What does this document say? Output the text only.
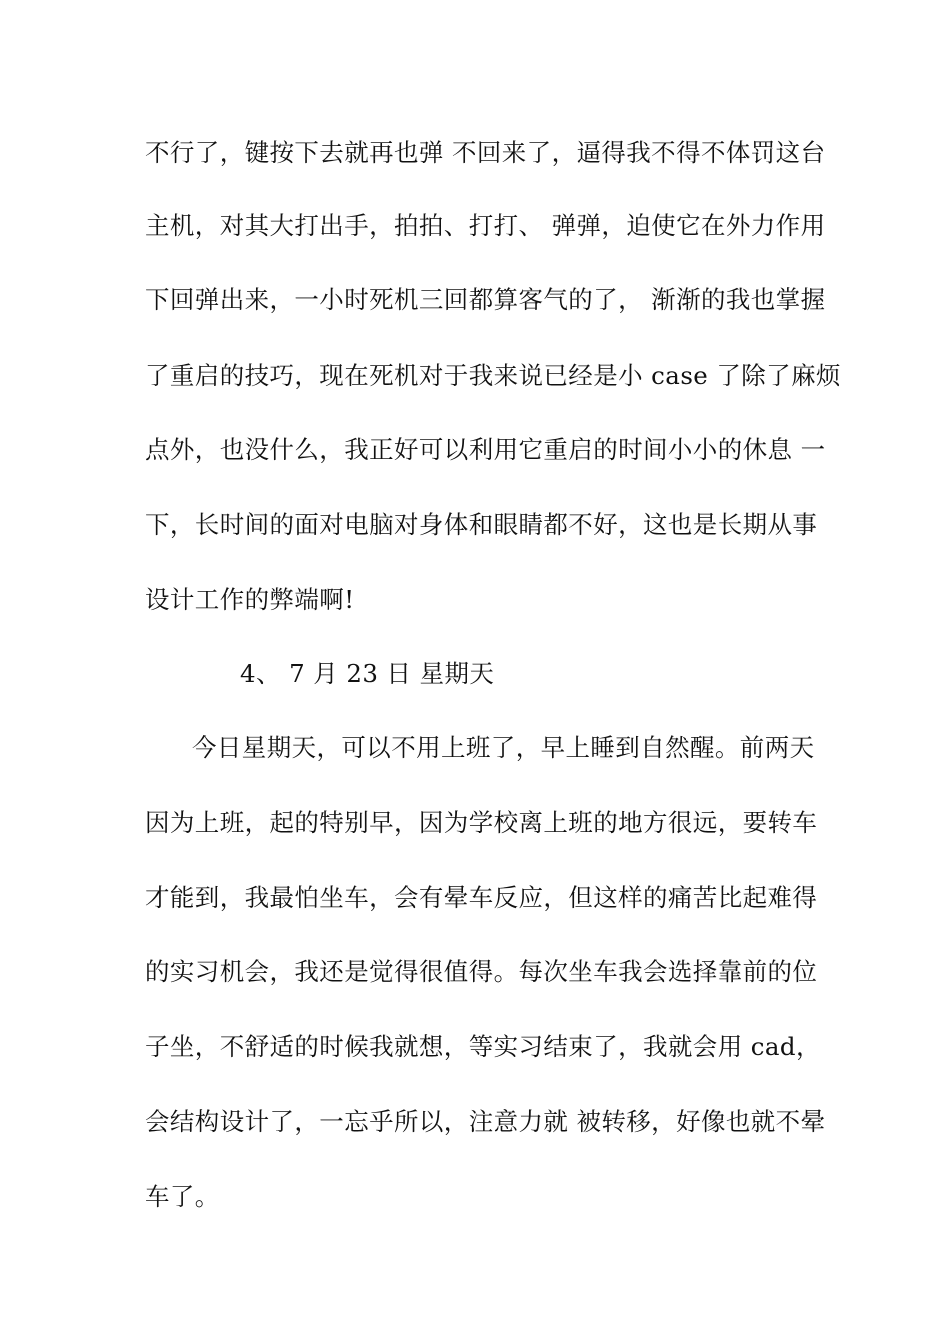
不行了，键按下去就再也弹 不回来了，逼得我不得不体罚这台
主机，对其大打出手，拍拍、打打、 弹弹，迫使它在外力作用
下回弹出来，一小时死机三回都算客气的了， 渐渐的我也掌握
了重启的技巧，现在死机对于我来说已经是小 case 了除了麻烦
点外，也没什么，我正好可以利用它重启的时间小小的休息 一
下，长时间的面对电脑对身体和眼睛都不好，这也是长期从事
设计工作的弊端啊!
4、 7 月 23 日 星期天
今日星期天，可以不用上班了，早上睡到自然醒。前两天
因为上班，起的特别早，因为学校离上班的地方很远，要转车
才能到，我最怕坐车，会有晕车反应，但这样的痛苦比起难得
的实习机会，我还是觉得很值得。每次坐车我会选择靠前的位
子坐，不舒适的时候我就想，等实习结束了，我就会用 cad，
会结构设计了，一忘乎所以，注意力就 被转移，好像也就不晕
车了。
